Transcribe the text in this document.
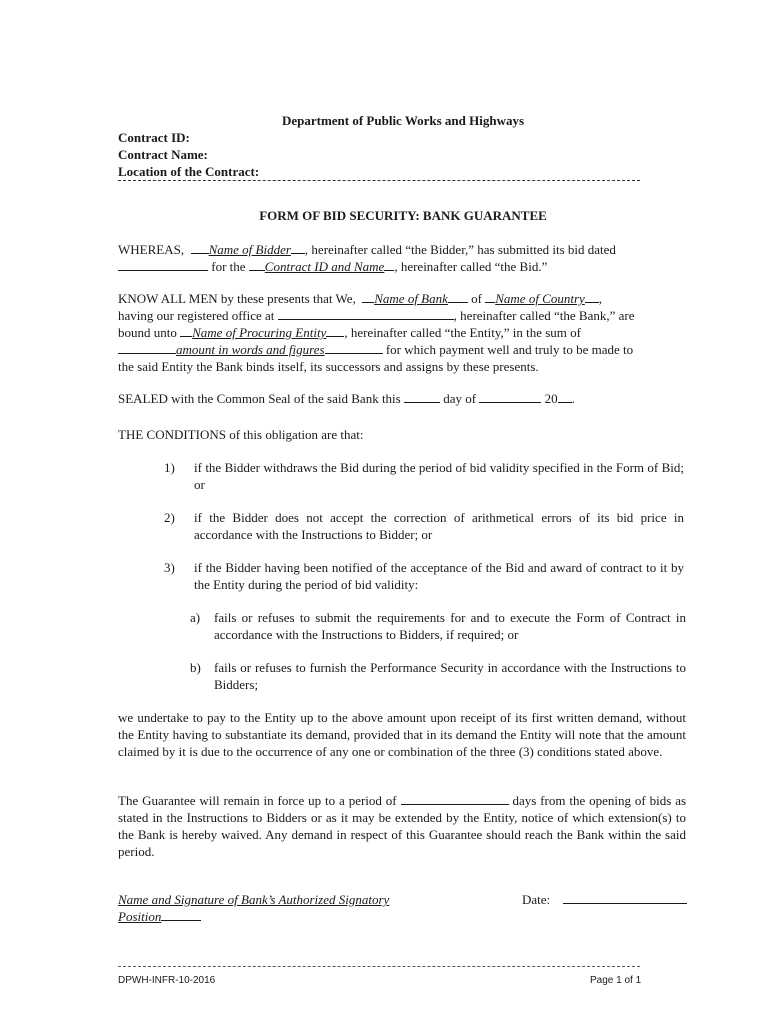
Department of Public Works and Highways
Contract ID:
Contract Name:
Location of the Contract:
FORM OF BID SECURITY: BANK GUARANTEE
WHEREAS, Name of Bidder , hereinafter called “the Bidder,” has submitted its bid dated
for the Contract ID and Name , hereinafter called “the Bid.”
KNOW ALL MEN by these presents that We, Name of Bank of Name of Country ,
having our registered office at	, hereinafter called “the Bank,” are
bound unto Name of Procuring Entity , hereinafter called “the Entity,” in the sum of
amount in words and figures	for which payment well and truly to be made to
the said Entity the Bank binds itself, its successors and assigns by these presents.
SEALED with the Common Seal of the said Bank this	day of	20 .
THE CONDITIONS of this obligation are that:
1) if the Bidder withdraws the Bid during the period of bid validity specified in the Form of Bid; or
2) if the Bidder does not accept the correction of arithmetical errors of its bid price in accordance with the Instructions to Bidder; or
3) if the Bidder having been notified of the acceptance of the Bid and award of contract to it by the Entity during the period of bid validity:
a) fails or refuses to submit the requirements for and to execute the Form of Contract in accordance with the Instructions to Bidders, if required; or
b) fails or refuses to furnish the Performance Security in accordance with the Instructions to Bidders;
we undertake to pay to the Entity up to the above amount upon receipt of its first written demand, without the Entity having to substantiate its demand, provided that in its demand the Entity will note that the amount claimed by it is due to the occurrence of any one or combination of the three (3) conditions stated above.
The Guarantee will remain in force up to a period of	days from the opening of bids as stated in the Instructions to Bidders or as it may be extended by the Entity, notice of which extension(s) to the Bank is hereby waived. Any demand in respect of this Guarantee should reach the Bank within the said period.
Name and Signature of Bank’s Authorized Signatory
Position
Date:
DPWH-INFR-10-2016	Page 1 of 1
